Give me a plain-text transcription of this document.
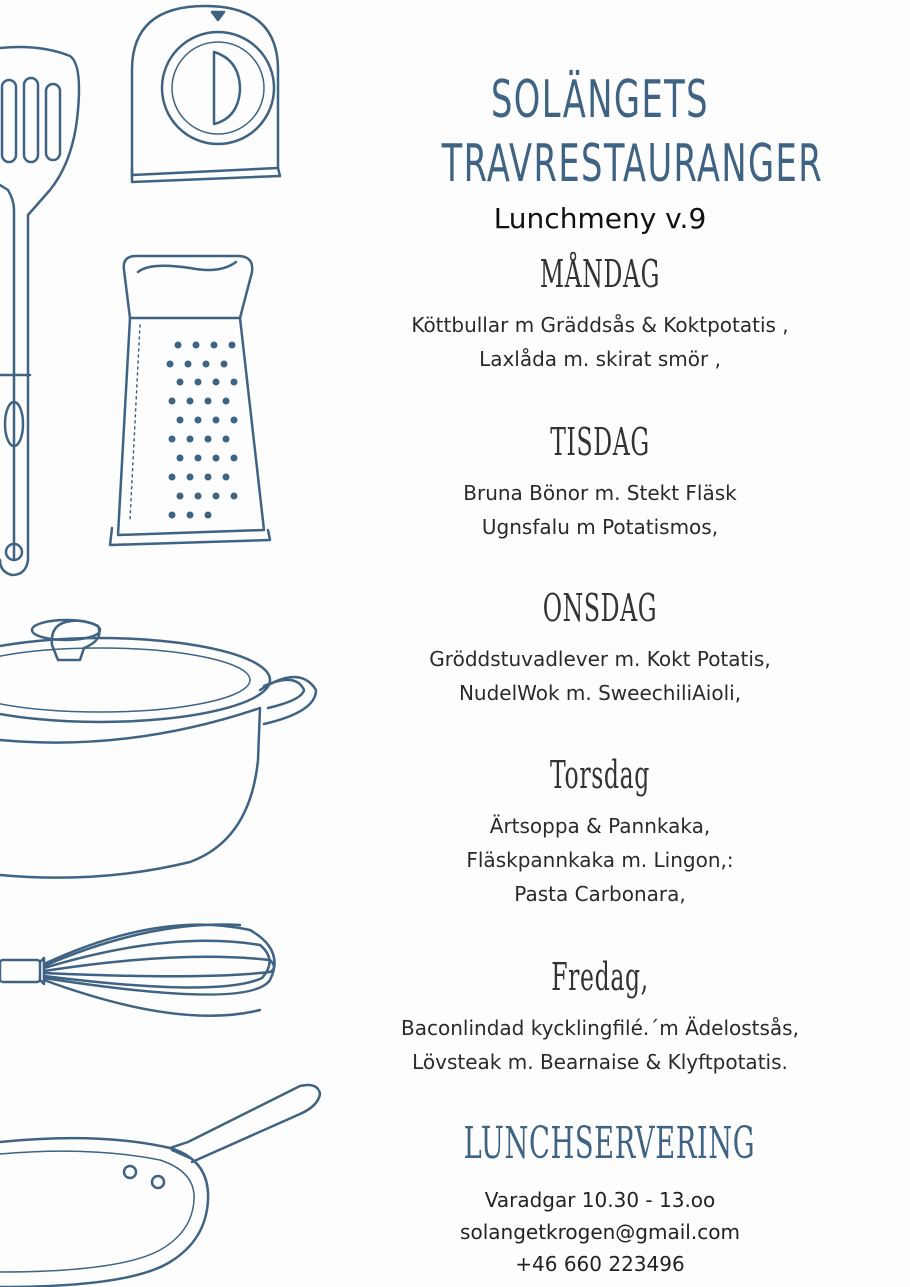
SOLÄNGETS

TRAVRESTAURANGER

Lunchmeny v.9

MÅNDAG

Köttbullar m Gräddsås & Koktpotatis ,

Laxlåda m. skirat smör ,

TISDAG

Bruna Bönor m. Stekt Fläsk

Ugnsfalu m Potatismos,

ONSDAG

Gröddstuvadlever m. Kokt Potatis,

NudelWok m. SweechiliAioli,

Torsdag

Ärtsoppa & Pannkaka,

Fläskpannkaka m. Lingon,:

Pasta Carbonara,

Fredag,

Baconlindad kycklingfilé.´m Ädelostsås,

Lövsteak m. Bearnaise & Klyftpotatis.

LUNCHSERVERING

Varadgar 10.30 - 13.oo

solangetkrogen@gmail.com

+46 660 223496
